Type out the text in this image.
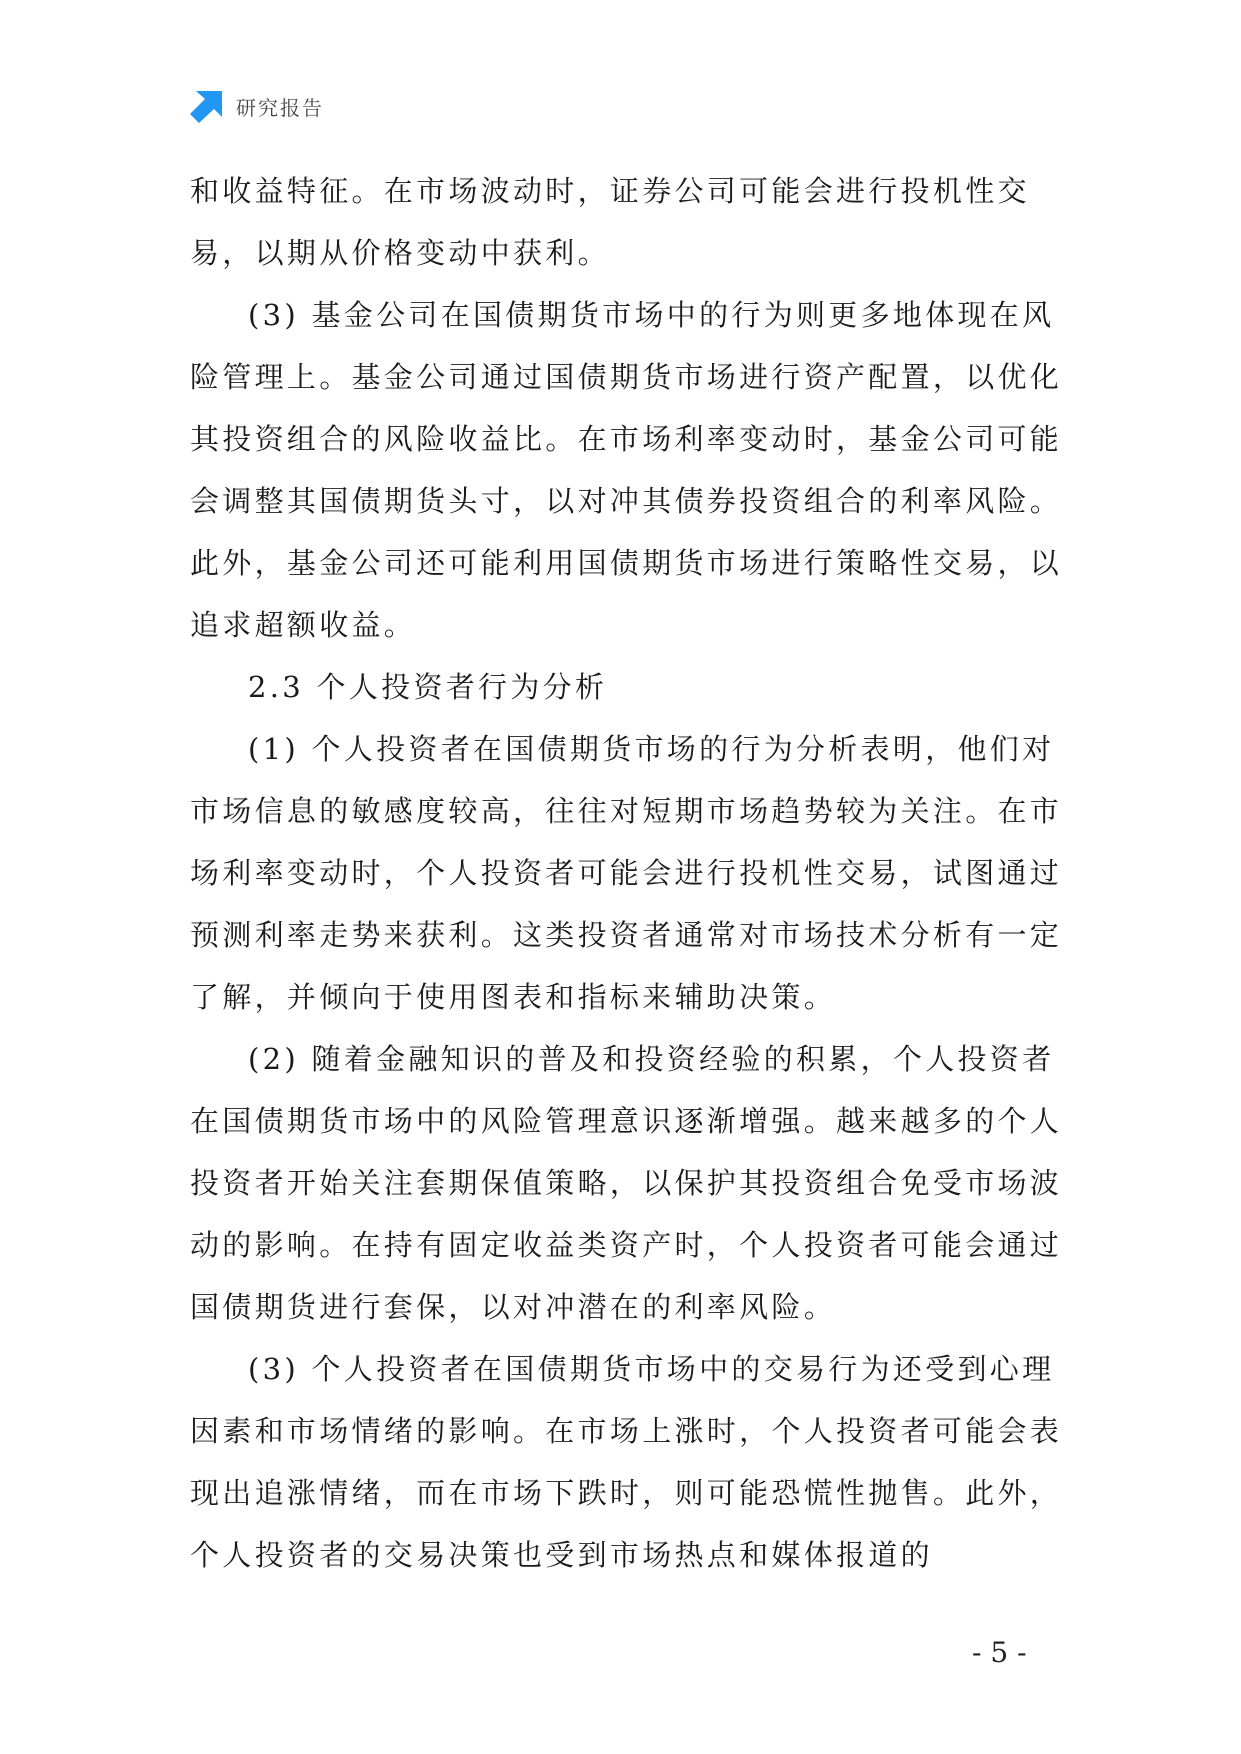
研究报告

和收益特征。在市场波动时，证券公司可能会进行投机性交易，以期从价格变动中获利。

(3) 基金公司在国债期货市场中的行为则更多地体现在风险管理上。基金公司通过国债期货市场进行资产配置，以优化其投资组合的风险收益比。在市场利率变动时，基金公司可能会调整其国债期货头寸，以对冲其债券投资组合的利率风险。此外，基金公司还可能利用国债期货市场进行策略性交易，以追求超额收益。

2.3 个人投资者行为分析

(1) 个人投资者在国债期货市场的行为分析表明，他们对市场信息的敏感度较高，往往对短期市场趋势较为关注。在市场利率变动时，个人投资者可能会进行投机性交易，试图通过预测利率走势来获利。这类投资者通常对市场技术分析有一定了解，并倾向于使用图表和指标来辅助决策。

(2) 随着金融知识的普及和投资经验的积累，个人投资者在国债期货市场中的风险管理意识逐渐增强。越来越多的个人投资者开始关注套期保值策略，以保护其投资组合免受市场波动的影响。在持有固定收益类资产时，个人投资者可能会通过国债期货进行套保，以对冲潜在的利率风险。

(3) 个人投资者在国债期货市场中的交易行为还受到心理因素和市场情绪的影响。在市场上涨时，个人投资者可能会表现出追涨情绪，而在市场下跌时，则可能恐慌性抛售。此外，个人投资者的交易决策也受到市场热点和媒体报道的

- 5 -
